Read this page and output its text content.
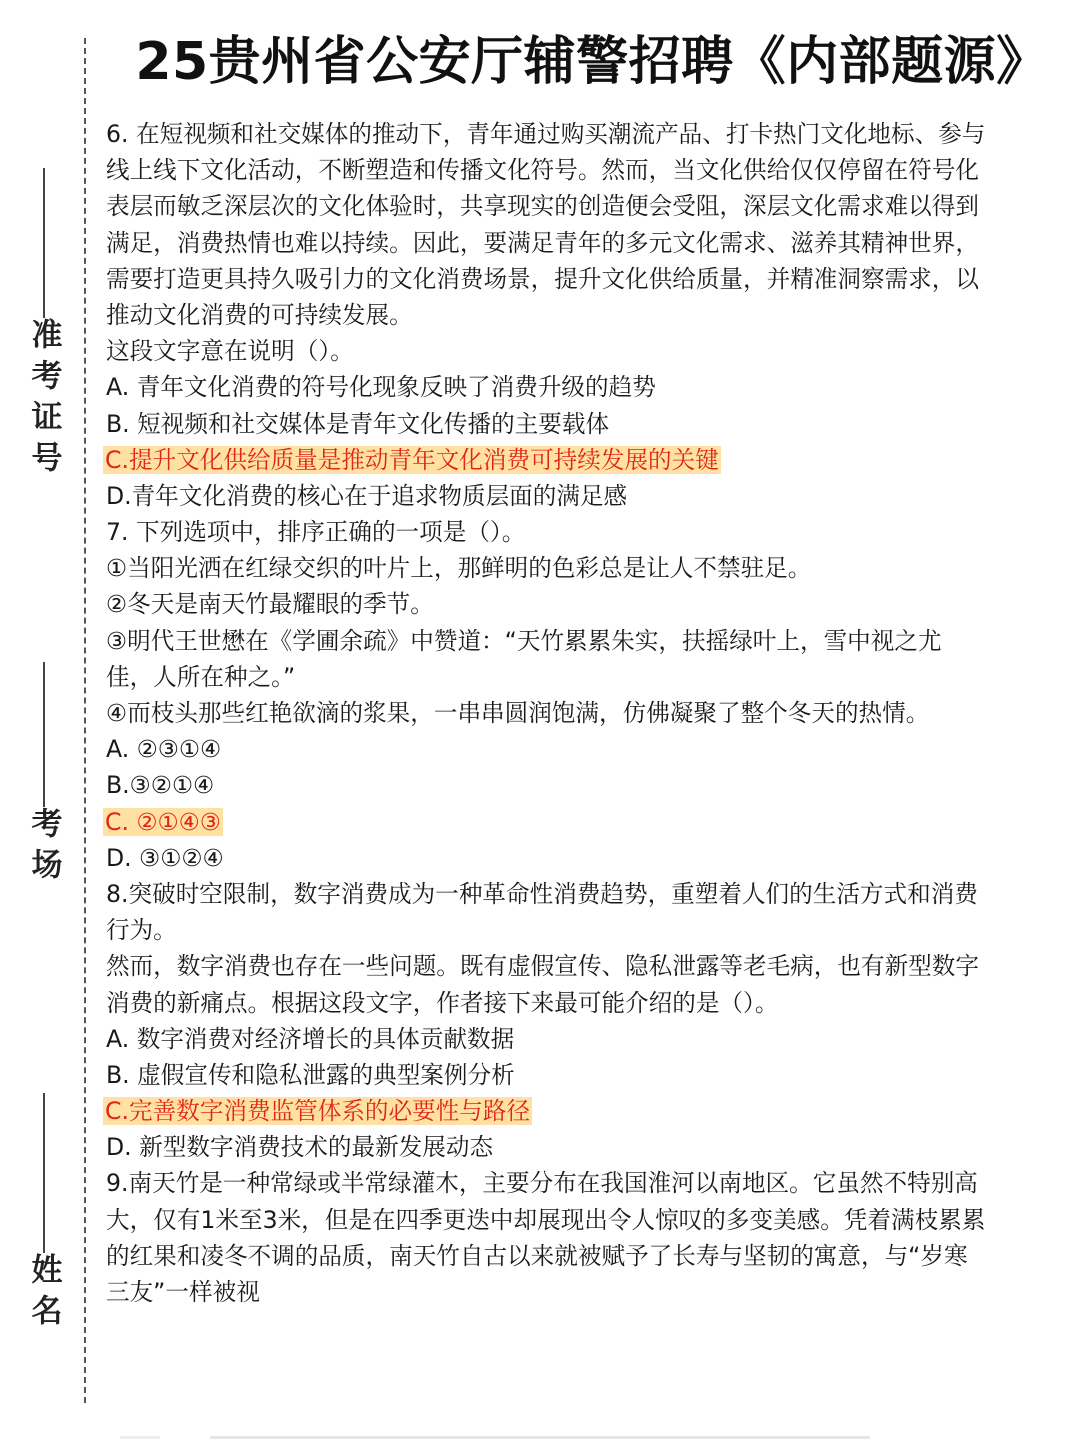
准考证号
考场
姓名
25贵州省公安厅辅警招聘《内部题源》
6. 在短视频和社交媒体的推动下，青年通过购买潮流产品、打卡热门文化地标、参与
线上线下文化活动，不断塑造和传播文化符号。然而，当文化供给仅仅停留在符号化
表层而敏乏深层次的文化体验时，共享现实的创造便会受阻，深层文化需求难以得到
满足，消费热情也难以持续。因此，要满足青年的多元文化需求、滋养其精神世界，
需要打造更具持久吸引力的文化消费场景，提升文化供给质量，并精准洞察需求，以
推动文化消费的可持续发展。
这段文字意在说明（）。
A. 青年文化消费的符号化现象反映了消费升级的趋势
B. 短视频和社交媒体是青年文化传播的主要载体
C.提升文化供给质量是推动青年文化消费可持续发展的关键
D.青年文化消费的核心在于追求物质层面的满足感
7. 下列选项中，排序正确的一项是（）。
①当阳光洒在红绿交织的叶片上，那鲜明的色彩总是让人不禁驻足。
②冬天是南天竹最耀眼的季节。
③明代王世懋在《学圃余疏》中赞道：“天竹累累朱实，扶摇绿叶上，雪中视之尤
佳，人所在种之。”
④而枝头那些红艳欲滴的浆果，一串串圆润饱满，仿佛凝聚了整个冬天的热情。
A. ②③①④
B.③②①④
C. ②①④③
D. ③①②④
8.突破时空限制，数字消费成为一种革命性消费趋势，重塑着人们的生活方式和消费
行为。
然而，数字消费也存在一些问题。既有虚假宣传、隐私泄露等老毛病，也有新型数字
消费的新痛点。根据这段文字，作者接下来最可能介绍的是（）。
A. 数字消费对经济增长的具体贡献数据
B. 虚假宣传和隐私泄露的典型案例分析
C.完善数字消费监管体系的必要性与路径
D. 新型数字消费技术的最新发展动态
9.南天竹是一种常绿或半常绿灌木，主要分布在我国淮河以南地区。它虽然不特别高
大，仅有1米至3米，但是在四季更迭中却展现出令人惊叹的多变美感。凭着满枝累累
的红果和凌冬不调的品质，南天竹自古以来就被赋予了长寿与坚韧的寓意，与“岁寒
三友”一样被视
